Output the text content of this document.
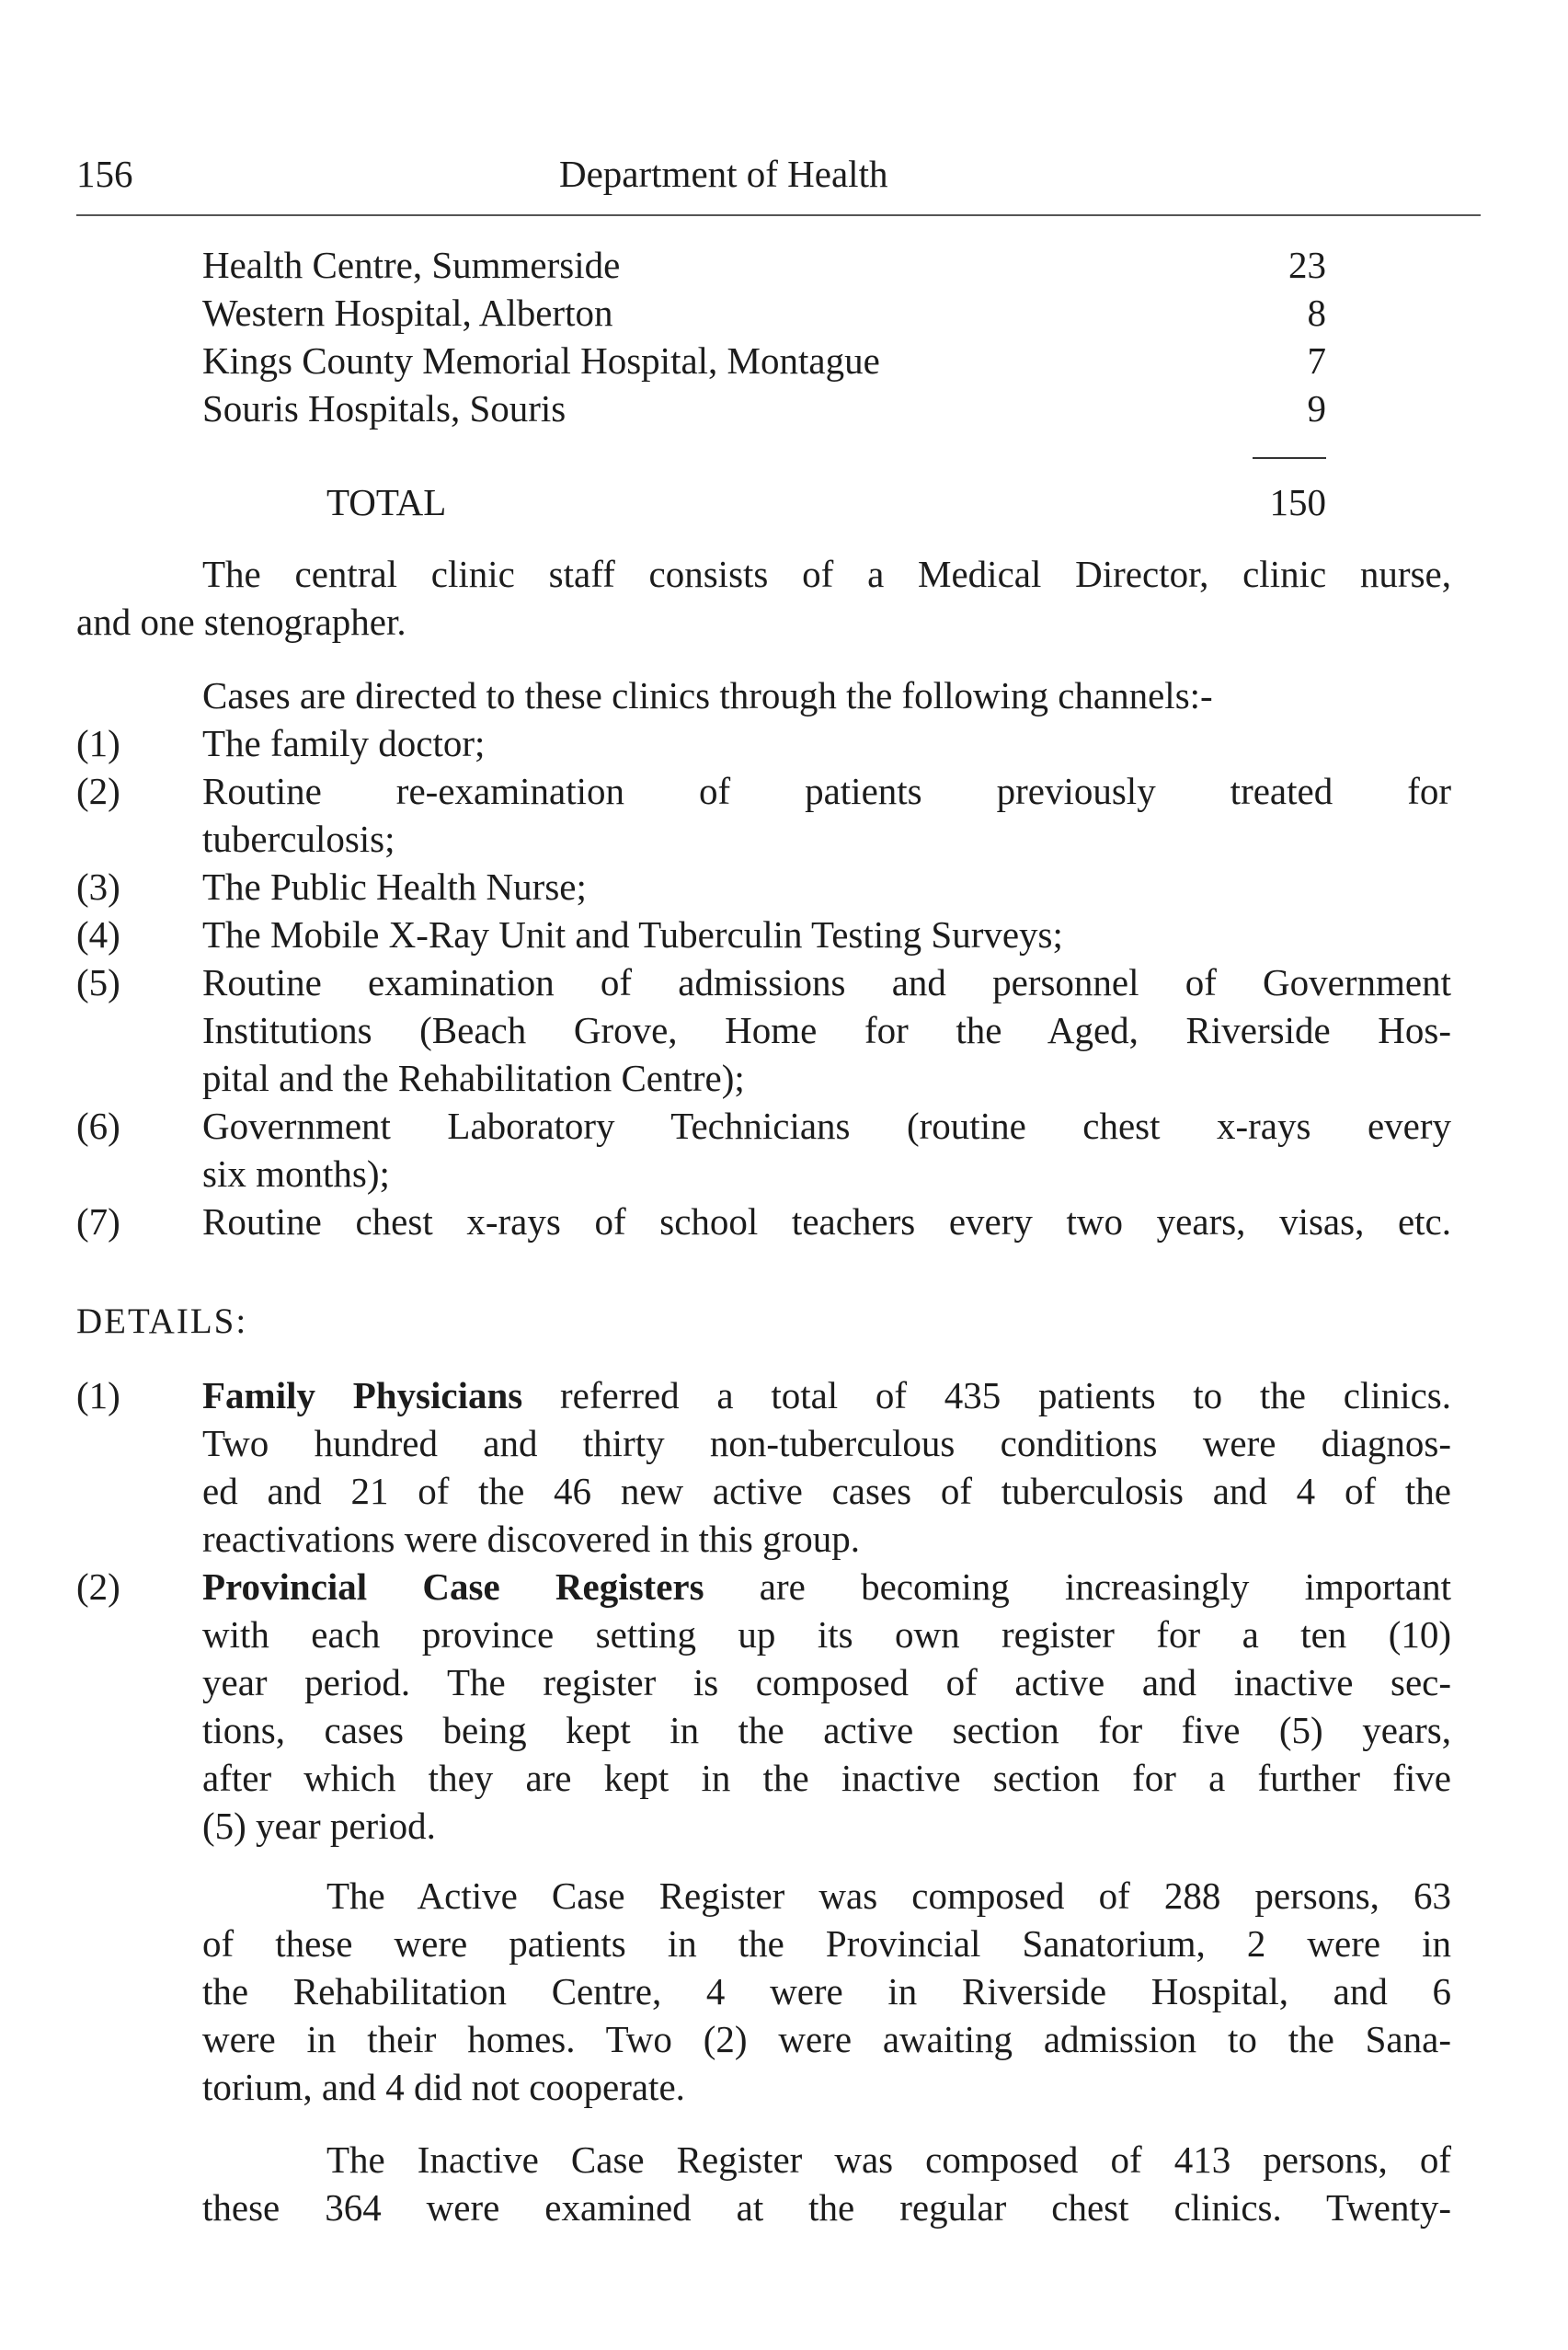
156	Department of Health
Health Centre, Summerside	23
Western Hospital, Alberton	8
Kings County Memorial Hospital, Montague	7
Souris Hospitals, Souris	9
TOTAL	150

The central clinic staff consists of a Medical Director, clinic nurse,

and one stenographer.

Cases are directed to these clinics through the following channels:-

(1) The family doctor;

(2) Routine re-examination of patients previously treated for
tuberculosis;

(3) The Public Health Nurse;

(4) The Mobile X-Ray Unit and Tuberculin Testing Surveys;

(5) Routine examination of admissions and personnel of Government
Institutions (Beach Grove, Home for the Aged, Riverside Hos-
pital and the Rehabilitation Centre);

(6) Government Laboratory Technicians (routine chest x-rays every
six months);

(7) Routine chest x-rays of school teachers every two years, visas, etc.

DETAILS:
(1) Family Physicians referred a total of 435 patients to the clinics.
Two hundred and thirty non-tuberculous conditions were diagnos-
ed and 21 of the 46 new active cases of tuberculosis and 4 of the
reactivations were discovered in this group.

(2) Provincial Case Registers are becoming increasingly important
with each province setting up its own register for a ten (10)
year period. The register is composed of active and inactive sec-
tions, cases being kept in the active section for five (5) years,
after which they are kept in the inactive section for a further five
(5) year period.

The Active Case Register was composed of 288 persons, 63
of these were patients in the Provincial Sanatorium, 2 were in
the Rehabilitation Centre, 4 were in Riverside Hospital, and 6
were in their homes. Two (2) were awaiting admission to the Sana-
torium, and 4 did not cooperate.

The Inactive Case Register was composed of 413 persons, of
these 364 were examined at the regular chest clinics. Twenty-
